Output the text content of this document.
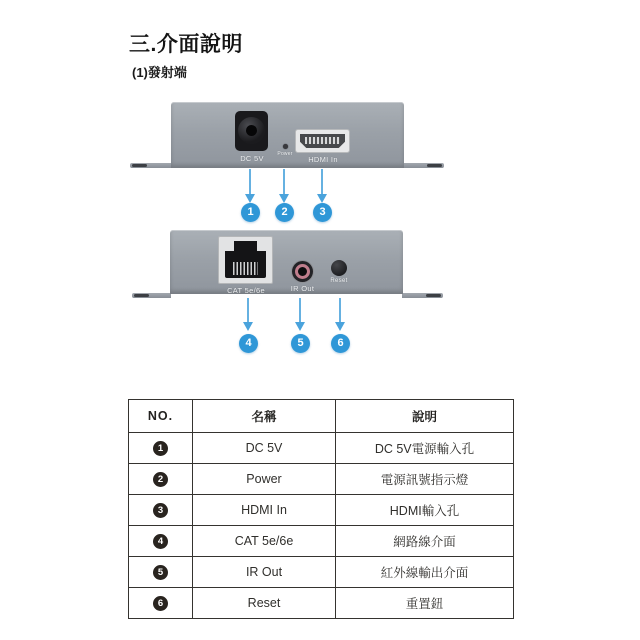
三.介面說明
(1)發射端
DC 5V	Power
HDMI In
1	2	3
CAT 5e/6e	IR Out
Reset
4	5	6
NO.	名稱	說明
1	DC 5V	DC 5V電源輸入孔
2	Power	電源訊號指示燈
3	HDMI In	HDMI輸入孔
4	CAT 5e/6e	網路線介面
5	IR Out	紅外線輸出介面
6	Reset	重置鈕
